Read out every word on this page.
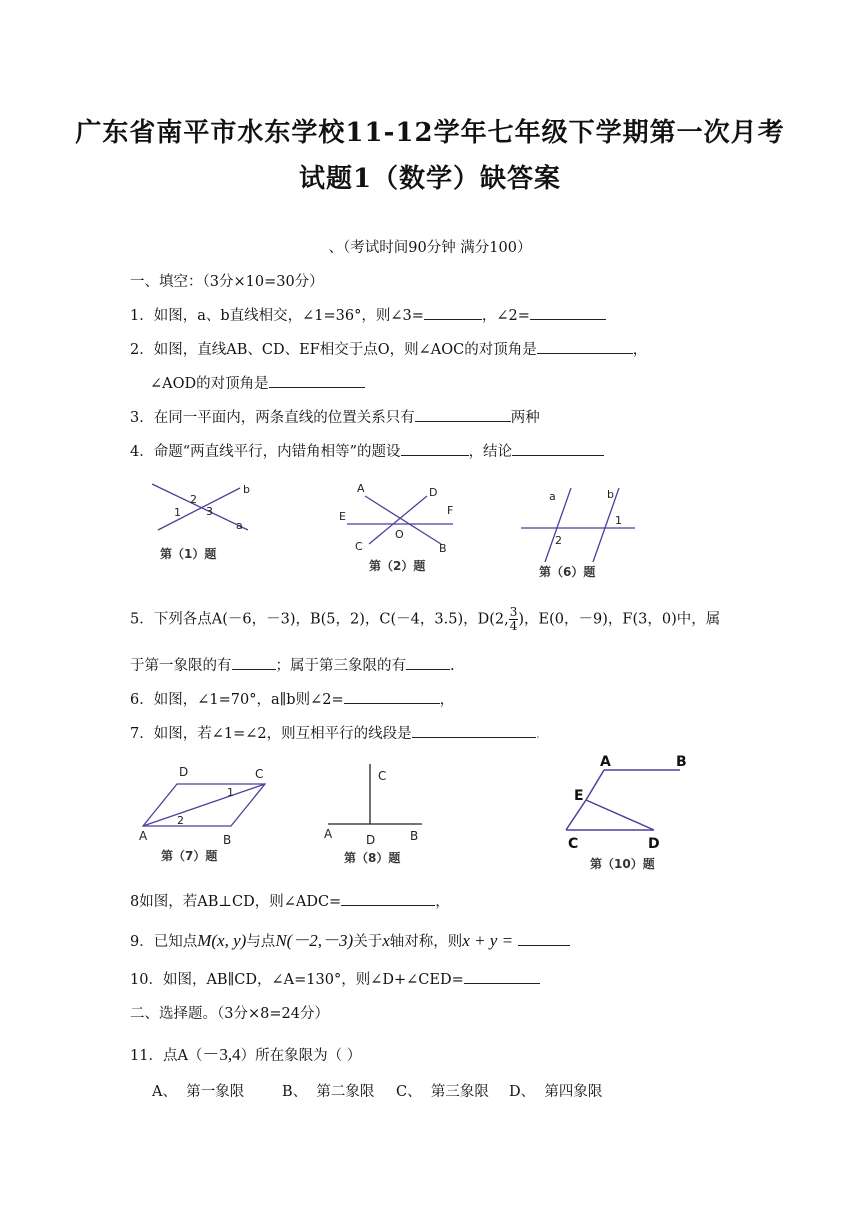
广东省南平市水东学校11-12学年七年级下学期第一次月考
试题1（数学）缺答案
、（考试时间90分钟 满分100）
一、填空：（3分×10=30分）
1．如图，a、b直线相交，∠1=36°，则∠3=	，∠2=
2．如图，直线AB、CD、EF相交于点O，则∠AOC的对顶角是	，
∠AOD的对顶角是
3．在同一平面内，两条直线的位置关系只有	两种
4．命题“两直线平行，内错角相等”的题设	，结论
2
1 3
b
a
第（1）题
A	D
E	F
O
C	B
第（2）题
a	b
1
2
第（6）题
5．下列各点A(－6，－3)，B(5，2)，C(－4，3.5)，D(2, $\frac{3}{4}$ )，E(0，－9)，F(3，0)中，属
于第一象限的有	；属于第三象限的有	.
6．如图，∠1=70°，a∥b则∠2=	，
7．如图，若∠1=∠2，则互相平行的线段是	.
D	C
1
2
A	B
第（7）题
C
A	D	B
第（8）题
A	B
E
C	D
第（10）题
8如图，若AB⊥CD，则∠ADC=	，
9．已知点M(x, y)与点N(－2,－3)关于x轴对称，则x + y =
10．如图，AB∥CD，∠A=130°，则∠D+∠CED=
二、选择题。（3分×8=24分）
11．点A（－3,4）所在象限为（ ）
A、 第一象限	B、 第二象限 C、 第三象限 D、 第四象限
